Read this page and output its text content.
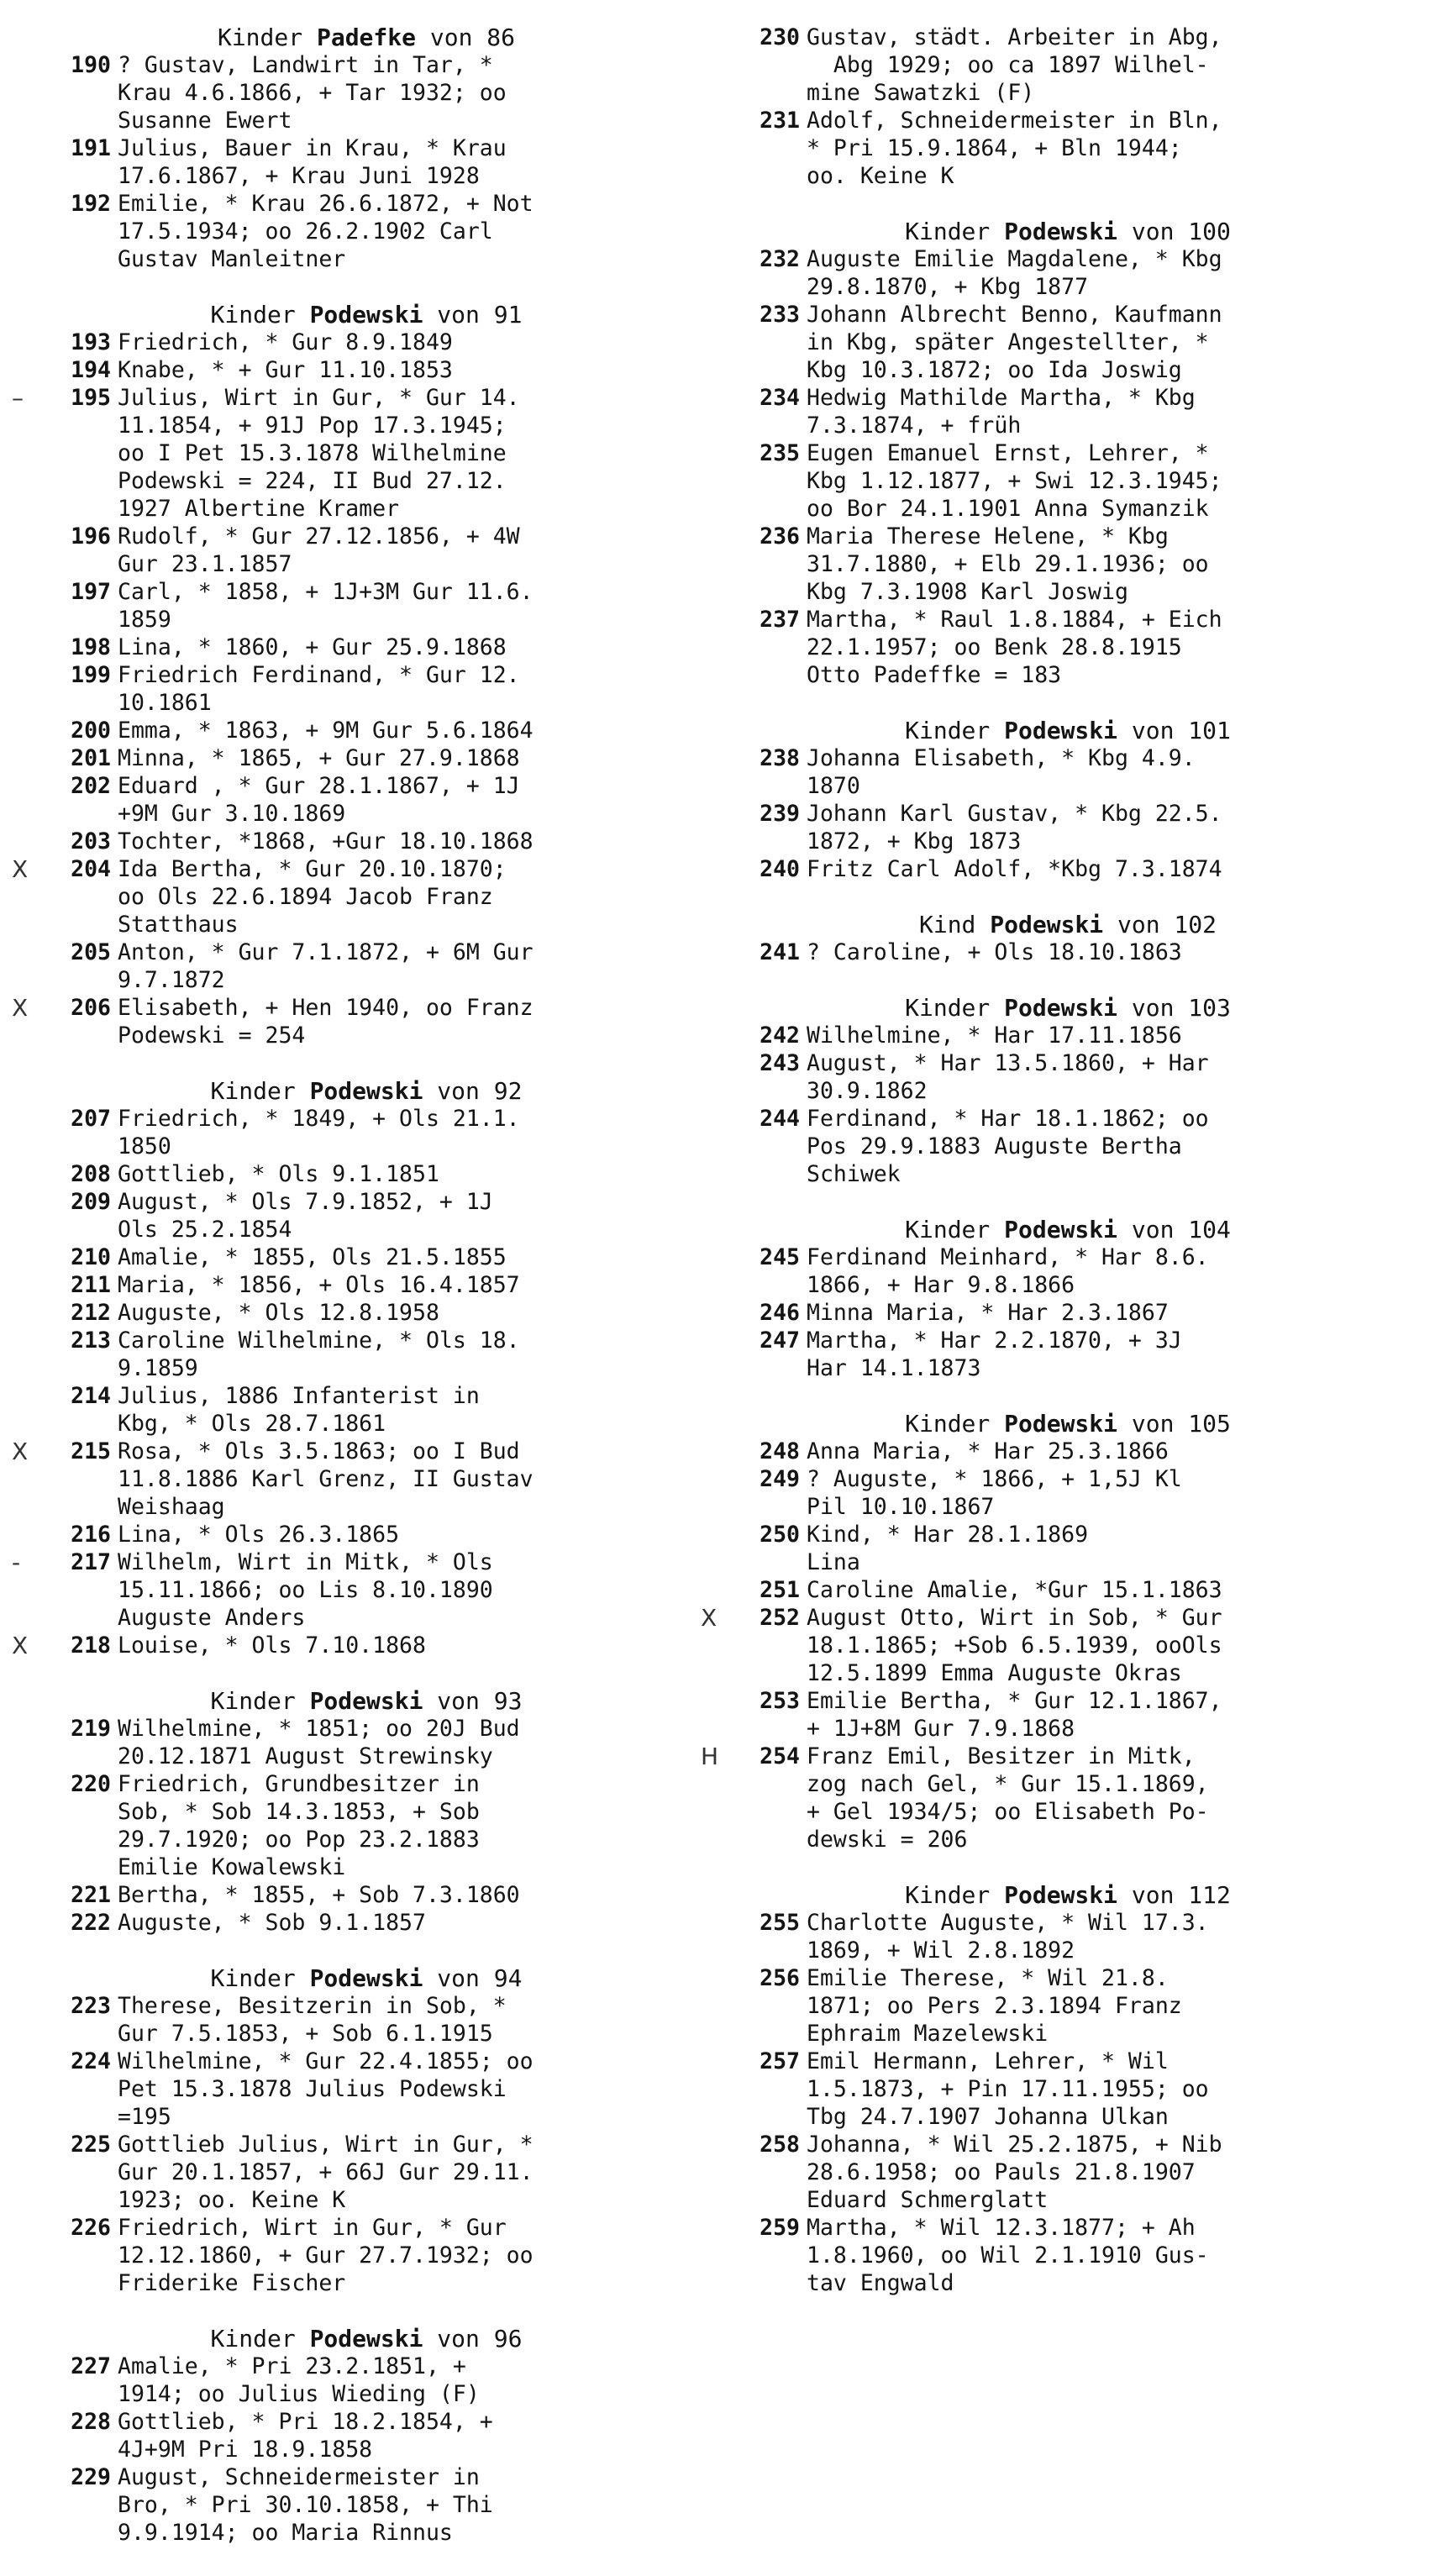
Kinder Padefke von 86
190 ? Gustav, Landwirt in Tar, *
Krau 4.6.1866, + Tar 1932; oo
Susanne Ewert
191 Julius, Bauer in Krau, * Krau
17.6.1867, + Krau Juni 1928
192 Emilie, * Krau 26.6.1872, + Not
17.5.1934; oo 26.2.1902 Carl
Gustav Manleitner
Kinder Podewski von 91
193 Friedrich, * Gur 8.9.1849
194 Knabe, * + Gur 11.10.1853
–	195 Julius, Wirt in Gur, * Gur 14.
11.1854, + 91J Pop 17.3.1945;
oo I Pet 15.3.1878 Wilhelmine
Podewski = 224, II Bud 27.12.
1927 Albertine Kramer
196 Rudolf, * Gur 27.12.1856, + 4W
Gur 23.1.1857
197 Carl, * 1858, + 1J+3M Gur 11.6.
1859
198 Lina, * 1860, + Gur 25.9.1868
199 Friedrich Ferdinand, * Gur 12.
10.1861
200 Emma, * 1863, + 9M Gur 5.6.1864
201 Minna, * 1865, + Gur 27.9.1868
202 Eduard , * Gur 28.1.1867, + 1J
+9M Gur 3.10.1869
203 Tochter, *1868, +Gur 18.10.1868
X	204 Ida Bertha, * Gur 20.10.1870;
oo Ols 22.6.1894 Jacob Franz
Statthaus
205 Anton, * Gur 7.1.1872, + 6M Gur
9.7.1872
X	206 Elisabeth, + Hen 1940, oo Franz
Podewski = 254
Kinder Podewski von 92
207 Friedrich, * 1849, + Ols 21.1.
1850
208 Gottlieb, * Ols 9.1.1851
209 August, * Ols 7.9.1852, + 1J
Ols 25.2.1854
210 Amalie, * 1855, Ols 21.5.1855
211 Maria, * 1856, + Ols 16.4.1857
212 Auguste, * Ols 12.8.1958
213 Caroline Wilhelmine, * Ols 18.
9.1859
214 Julius, 1886 Infanterist in
Kbg, * Ols 28.7.1861
X	215 Rosa, * Ols 3.5.1863; oo I Bud
11.8.1886 Karl Grenz, II Gustav
Weishaag
216 Lina, * Ols 26.3.1865
-	217 Wilhelm, Wirt in Mitk, * Ols
15.11.1866; oo Lis 8.10.1890
Auguste Anders
X	218 Louise, * Ols 7.10.1868
Kinder Podewski von 93
219 Wilhelmine, * 1851; oo 20J Bud
20.12.1871 August Strewinsky
220 Friedrich, Grundbesitzer in
Sob, * Sob 14.3.1853, + Sob
29.7.1920; oo Pop 23.2.1883
Emilie Kowalewski
221 Bertha, * 1855, + Sob 7.3.1860
222 Auguste, * Sob 9.1.1857
Kinder Podewski von 94
223 Therese, Besitzerin in Sob, *
Gur 7.5.1853, + Sob 6.1.1915
224 Wilhelmine, * Gur 22.4.1855; oo
Pet 15.3.1878 Julius Podewski
=195
225 Gottlieb Julius, Wirt in Gur, *
Gur 20.1.1857, + 66J Gur 29.11.
1923; oo. Keine K
226 Friedrich, Wirt in Gur, * Gur
12.12.1860, + Gur 27.7.1932; oo
Friderike Fischer
Kinder Podewski von 96
227 Amalie, * Pri 23.2.1851, +
1914; oo Julius Wieding (F)
228 Gottlieb, * Pri 18.2.1854, +
4J+9M Pri 18.9.1858
229 August, Schneidermeister in
Bro, * Pri 30.10.1858, + Thi
9.9.1914; oo Maria Rinnus
230 Gustav, städt. Arbeiter in Abg,
Abg 1929; oo ca 1897 Wilhel-
mine Sawatzki (F)
231 Adolf, Schneidermeister in Bln,
* Pri 15.9.1864, + Bln 1944;
oo. Keine K
Kinder Podewski von 100
232 Auguste Emilie Magdalene, * Kbg
29.8.1870, + Kbg 1877
233 Johann Albrecht Benno, Kaufmann
in Kbg, später Angestellter, *
Kbg 10.3.1872; oo Ida Joswig
234 Hedwig Mathilde Martha, * Kbg
7.3.1874, + früh
235 Eugen Emanuel Ernst, Lehrer, *
Kbg 1.12.1877, + Swi 12.3.1945;
oo Bor 24.1.1901 Anna Symanzik
236 Maria Therese Helene, * Kbg
31.7.1880, + Elb 29.1.1936; oo
Kbg 7.3.1908 Karl Joswig
237 Martha, * Raul 1.8.1884, + Eich
22.1.1957; oo Benk 28.8.1915
Otto Padeffke = 183
Kinder Podewski von 101
238 Johanna Elisabeth, * Kbg 4.9.
1870
239 Johann Karl Gustav, * Kbg 22.5.
1872, + Kbg 1873
240 Fritz Carl Adolf, *Kbg 7.3.1874
Kind Podewski von 102
241 ? Caroline, + Ols 18.10.1863
Kinder Podewski von 103
242 Wilhelmine, * Har 17.11.1856
243 August, * Har 13.5.1860, + Har
30.9.1862
244 Ferdinand, * Har 18.1.1862; oo
Pos 29.9.1883 Auguste Bertha
Schiwek
Kinder Podewski von 104
245 Ferdinand Meinhard, * Har 8.6.
1866, + Har 9.8.1866
246 Minna Maria, * Har 2.3.1867
247 Martha, * Har 2.2.1870, + 3J
Har 14.1.1873
Kinder Podewski von 105
248 Anna Maria, * Har 25.3.1866
249 ? Auguste, * 1866, + 1,5J Kl
Pil 10.10.1867
250 Kind, * Har 28.1.1869
Lina
251 Caroline Amalie, *Gur 15.1.1863
X	252 August Otto, Wirt in Sob, * Gur
18.1.1865; +Sob 6.5.1939, ooOls
12.5.1899 Emma Auguste Okras
253 Emilie Bertha, * Gur 12.1.1867,
+ 1J+8M Gur 7.9.1868
H	254 Franz Emil, Besitzer in Mitk,
zog nach Gel, * Gur 15.1.1869,
+ Gel 1934/5; oo Elisabeth Po-
dewski = 206
Kinder Podewski von 112
255 Charlotte Auguste, * Wil 17.3.
1869, + Wil 2.8.1892
256 Emilie Therese, * Wil 21.8.
1871; oo Pers 2.3.1894 Franz
Ephraim Mazelewski
257 Emil Hermann, Lehrer, * Wil
1.5.1873, + Pin 17.11.1955; oo
Tbg 24.7.1907 Johanna Ulkan
258 Johanna, * Wil 25.2.1875, + Nib
28.6.1958; oo Pauls 21.8.1907
Eduard Schmerglatt
259 Martha, * Wil 12.3.1877; + Ah
1.8.1960, oo Wil 2.1.1910 Gus-
tav Engwald
